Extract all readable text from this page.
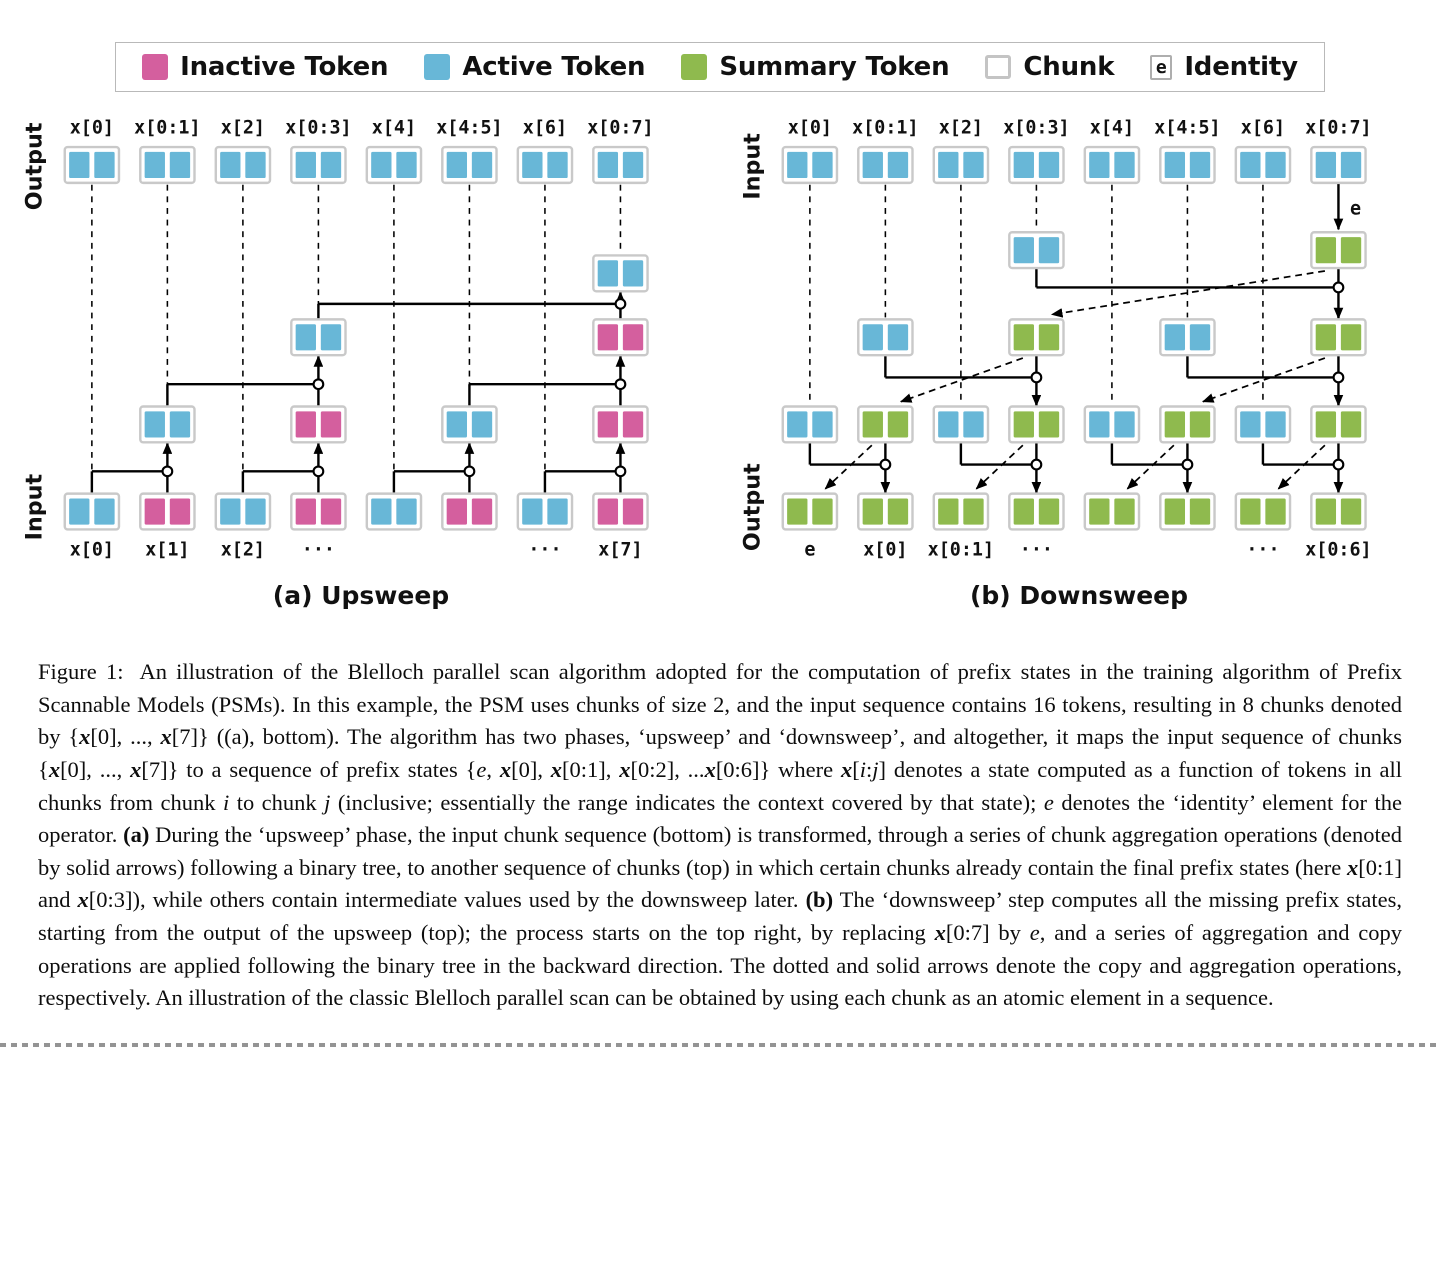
Inactive Token	Active Token	Summary Token	Chunk	e Identity
x[0] x[0:1] x[2] x[0:3] x[4] x[4:5] x[6] x[0:7]
x[0] x[1] x[2] ···	··· x[7]
Output
Input
(a) Upsweep
e
x[0] x[0:1] x[2] x[0:3] x[4] x[4:5] x[6] x[0:7]
e	x[0] x[0:1] ···	··· x[0:6]
Input
Output
(b) Downsweep

Figure 1: An illustration of the Blelloch parallel scan algorithm adopted for the computation of prefix states in the training algorithm of Prefix Scannable Models (PSMs). In this example, the PSM uses chunks of size 2, and the input sequence contains 16 tokens, resulting in 8 chunks denoted by {x[0], ..., x[7]} ((a), bottom). The algorithm has two phases, ‘upsweep’ and ‘downsweep’, and altogether, it maps the input sequence of chunks {x[0], ..., x[7]} to a sequence of prefix states {e, x[0], x[0:1], x[0:2], ...x[0:6]} where x[i:j] denotes a state computed as a function of tokens in all chunks from chunk i to chunk j (inclusive; essentially the range indicates the context covered by that state); e denotes the ‘identity’ element for the operator. (a) During the ‘upsweep’ phase, the input chunk sequence (bottom) is transformed, through a series of chunk aggregation operations (denoted by solid arrows) following a binary tree, to another sequence of chunks (top) in which certain chunks already contain the final prefix states (here x[0:1] and x[0:3]), while others contain intermediate values used by the downsweep later. (b) The ‘downsweep’ step computes all the missing prefix states, starting from the output of the upsweep (top); the process starts on the top right, by replacing x[0:7] by e, and a series of aggregation and copy operations are applied following the binary tree in the backward direction. The dotted and solid arrows denote the copy and aggregation operations, respectively. An illustration of the classic Blelloch parallel scan can be obtained by using each chunk as an atomic element in a sequence.
